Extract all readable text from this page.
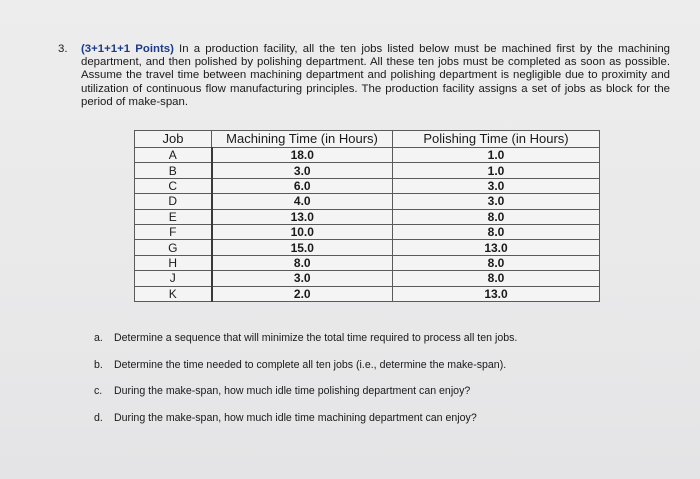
3. (3+1+1+1 Points) In a production facility, all the ten jobs listed below must be machined first by the machining department, and then polished by polishing department. All these ten jobs must be completed as soon as possible. Assume the travel time between machining department and polishing department is negligible due to proximity and utilization of continuous flow manufacturing principles. The production facility assigns a set of jobs as block for the period of make-span.
Job	Machining Time (in Hours)	Polishing Time (in Hours)
A	18.0	1.0
B	3.0	1.0
C	6.0	3.0
D	4.0	3.0
E	13.0	8.0
F	10.0	8.0
G	15.0	13.0
H	8.0	8.0
J	3.0	8.0
K	2.0	13.0
a. Determine a sequence that will minimize the total time required to process all ten jobs.
b. Determine the time needed to complete all ten jobs (i.e., determine the make-span).
c. During the make-span, how much idle time polishing department can enjoy?
d. During the make-span, how much idle time machining department can enjoy?
